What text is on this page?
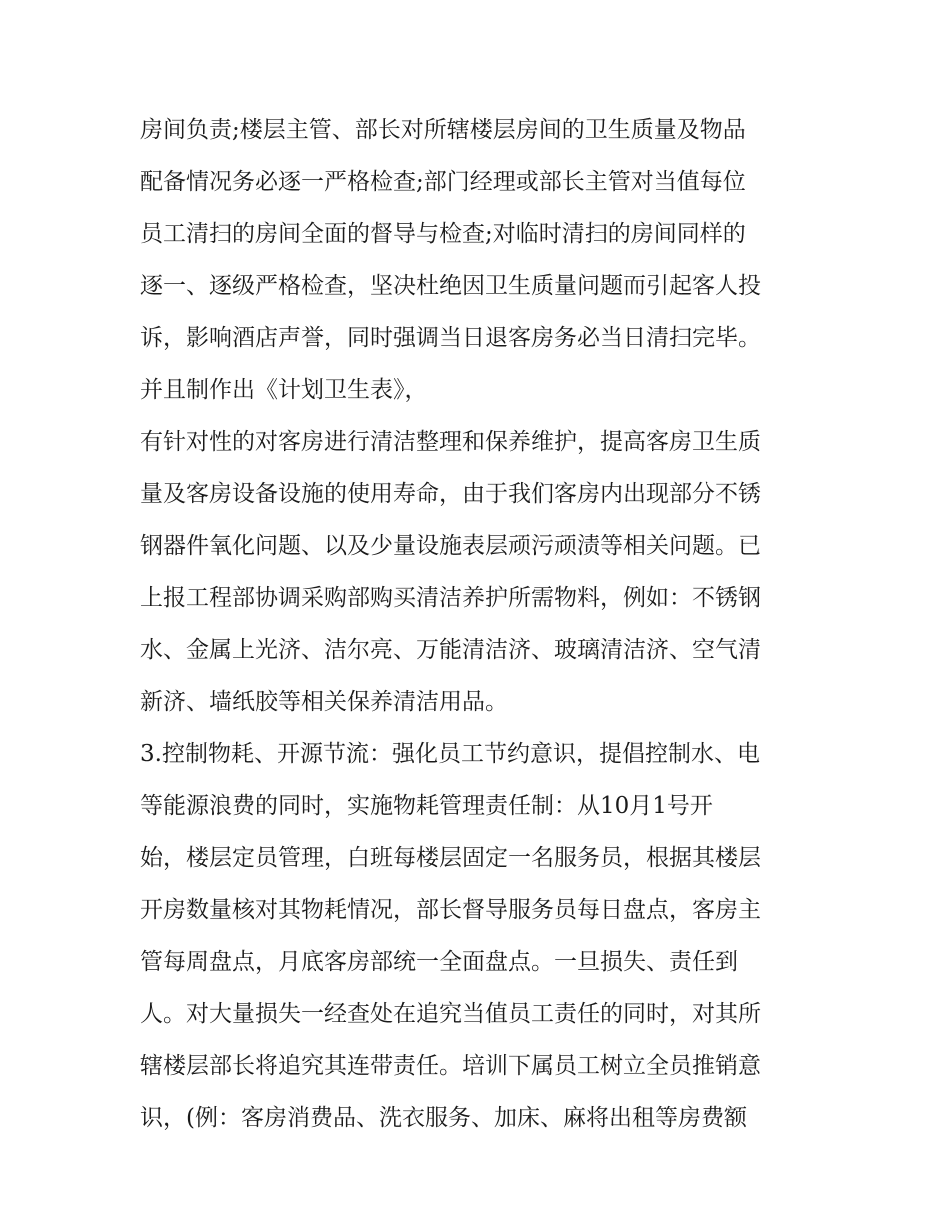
房间负责;楼层主管、部长对所辖楼层房间的卫生质量及物品
配备情况务必逐一严格检查;部门经理或部长主管对当值每位
员工清扫的房间全面的督导与检查;对临时清扫的房间同样的
逐一、逐级严格检查，坚决杜绝因卫生质量问题而引起客人投
诉，影响酒店声誉，同时强调当日退客房务必当日清扫完毕。
并且制作出《计划卫生表》，
有针对性的对客房进行清洁整理和保养维护，提高客房卫生质
量及客房设备设施的使用寿命，由于我们客房内出现部分不锈
钢器件氧化问题、以及少量设施表层顽污顽渍等相关问题。已
上报工程部协调采购部购买清洁养护所需物料，例如：不锈钢
水、金属上光济、洁尔亮、万能清洁济、玻璃清洁济、空气清
新济、墙纸胶等相关保养清洁用品。
3.控制物耗、开源节流：强化员工节约意识，提倡控制水、电
等能源浪费的同时，实施物耗管理责任制：从10月1号开
始，楼层定员管理，白班每楼层固定一名服务员，根据其楼层
开房数量核对其物耗情况，部长督导服务员每日盘点，客房主
管每周盘点，月底客房部统一全面盘点。一旦损失、责任到
人。对大量损失一经查处在追究当值员工责任的同时，对其所
辖楼层部长将追究其连带责任。培训下属员工树立全员推销意
识，(例：客房消费品、洗衣服务、加床、麻将出租等房费额
